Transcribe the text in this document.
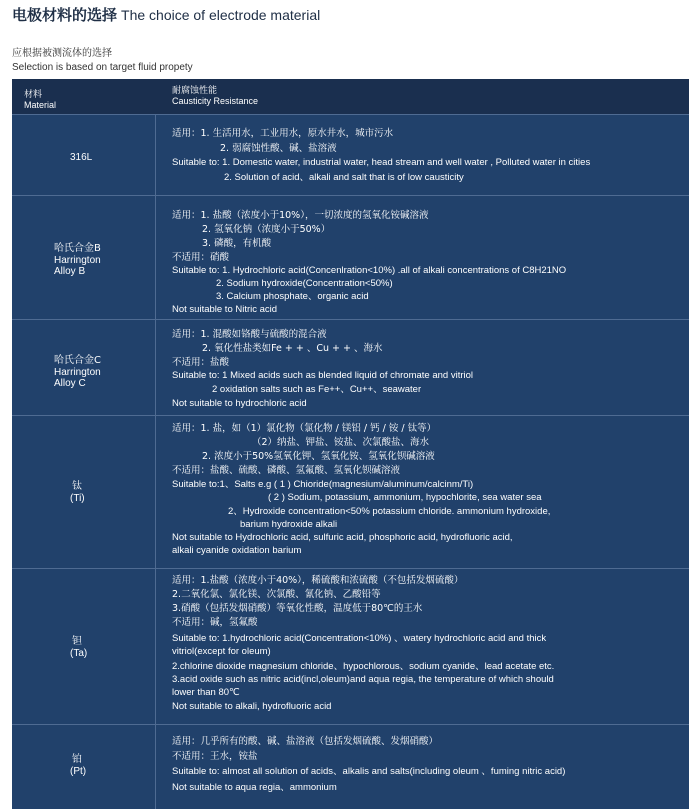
电极材料的选择 The choice of electrode material
应根据被测流体的选择
Selection is based on target fluid propety
材料
Material
耐腐蚀性能
Causticity Resistance
316L
适用：1. 生活用水，工业用水，原水井水，城市污水
2. 弱腐蚀性酸、碱、盐溶液
Suitable to: 1. Domestic water, industrial water, head stream and well water , Polluted water in cities
2. Solution of acid、alkali and salt that is of low causticity
哈氏合金B
Harrington
Alloy B
适用：1. 盐酸（浓度小于10%），一切浓度的氢氧化铵碱溶液
2. 氢氧化钠（浓度小于50%）
3. 磷酸，有机酸
不适用：硝酸
Suitable to: 1. Hydrochloric acid(Concenlration<10%) .all of alkali concentrations of C8H21NO
2. Sodium hydroxide(Concentration<50%)
3. Calcium phosphate、organic acid
Not suitable to Nitric acid
哈氏合金C
Harrington
Alloy C
适用：1. 混酸如铬酸与硫酸的混合液
2. 氧化性盐类如Fe + + 、Cu + + 、海水
不适用：盐酸
Suitable to: 1 Mixed acids such as blended liquid of chromate and vitriol
2 oxidation salts such as Fe++、Cu++、seawater
Not suitable to hydrochloric acid
钛
(Ti)
适用：1. 盐，如（1）氯化物（氯化物 / 镁铝 / 钙 / 铵 / 钛等）
（2）纳盐、钾盐、铵盐、次氯酸盐、海水
2. 浓度小于50%氢氧化钾、氢氧化铵、氢氧化钡碱溶液
不适用：盐酸、硫酸、磷酸、氢氟酸、氢氧化钡碱溶液
Suitable to:1、Salts e.g ( 1 ) Chioride(magnesium/aluminum/calcinm/Ti)
( 2 ) Sodium, potassium, ammonium, hypochlorite, sea water sea
2、Hydroxide concentration<50% potassium chloride. ammonium hydroxide,
barium hydroxide alkali
Not suitable to Hydrochloric acid, sulfuric acid, phosphoric acid, hydrofluoric acid,
alkali cyanide oxidation barium
钽
(Ta)
适用：1.盐酸（浓度小于40%），稀硫酸和浓硫酸（不包括发烟硫酸）
2.二氧化氯、氯化镁、次氯酸、氰化钠、乙酸铅等
3.硝酸（包括发烟硝酸）等氧化性酸，温度低于80℃的王水
不适用：碱，氢氟酸
Suitable to: 1.hydrochloric acid(Concentration<10%) 、watery hydrochloric acid and thick
vitriol(except for oleum)
2.chlorine dioxide magnesium chloride、hypochlorous、sodium cyanide、lead acetate etc.
3.acid oxide such as nitric acid(incl,oleum)and aqua regia, the temperature of which should
lower than 80℃
Not suitable to alkali, hydrofluoric acid
铂
(Pt)
适用：几乎所有的酸、碱、盐溶液（包括发烟硫酸、发烟硝酸）
不适用：王水，铵盐
Suitable to: almost all solution of acids、alkalis and salts(including oleum 、fuming nitric acid)
Not suitable to aqua regia、ammonium
